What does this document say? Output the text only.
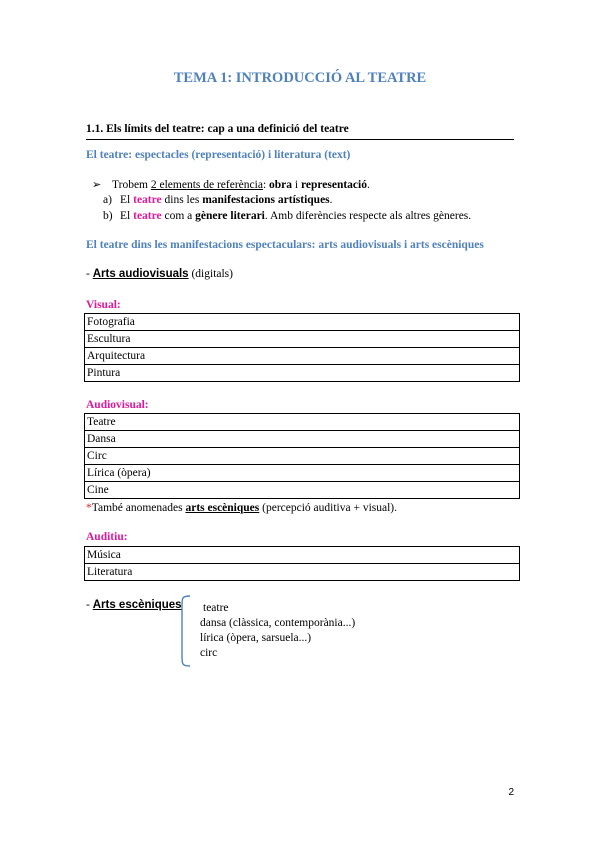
TEMA 1: INTRODUCCIÓ AL TEATRE
1.1. Els límits del teatre: cap a una definició del teatre
El teatre: espectacles (representació) i literatura (text)
➢ Trobem 2 elements de referència: obra i representació.
a) El teatre dins les manifestacions artístiques.
b) El teatre com a gènere literari. Amb diferències respecte als altres gèneres.
El teatre dins les manifestacions espectaculars: arts audiovisuals i arts escèniques
- Arts audiovisuals (digitals)
Visual:
Fotografia
Escultura
Arquitectura
Pintura
Audiovisual:
Teatre
Dansa
Circ
Lírica (òpera)
Cine
*També anomenades arts escèniques (percepció auditiva + visual).
Auditiu:
Música
Literatura
- Arts escèniques teatre
dansa (clàssica, contemporània...)
lírica (òpera, sarsuela...)
circ
2
